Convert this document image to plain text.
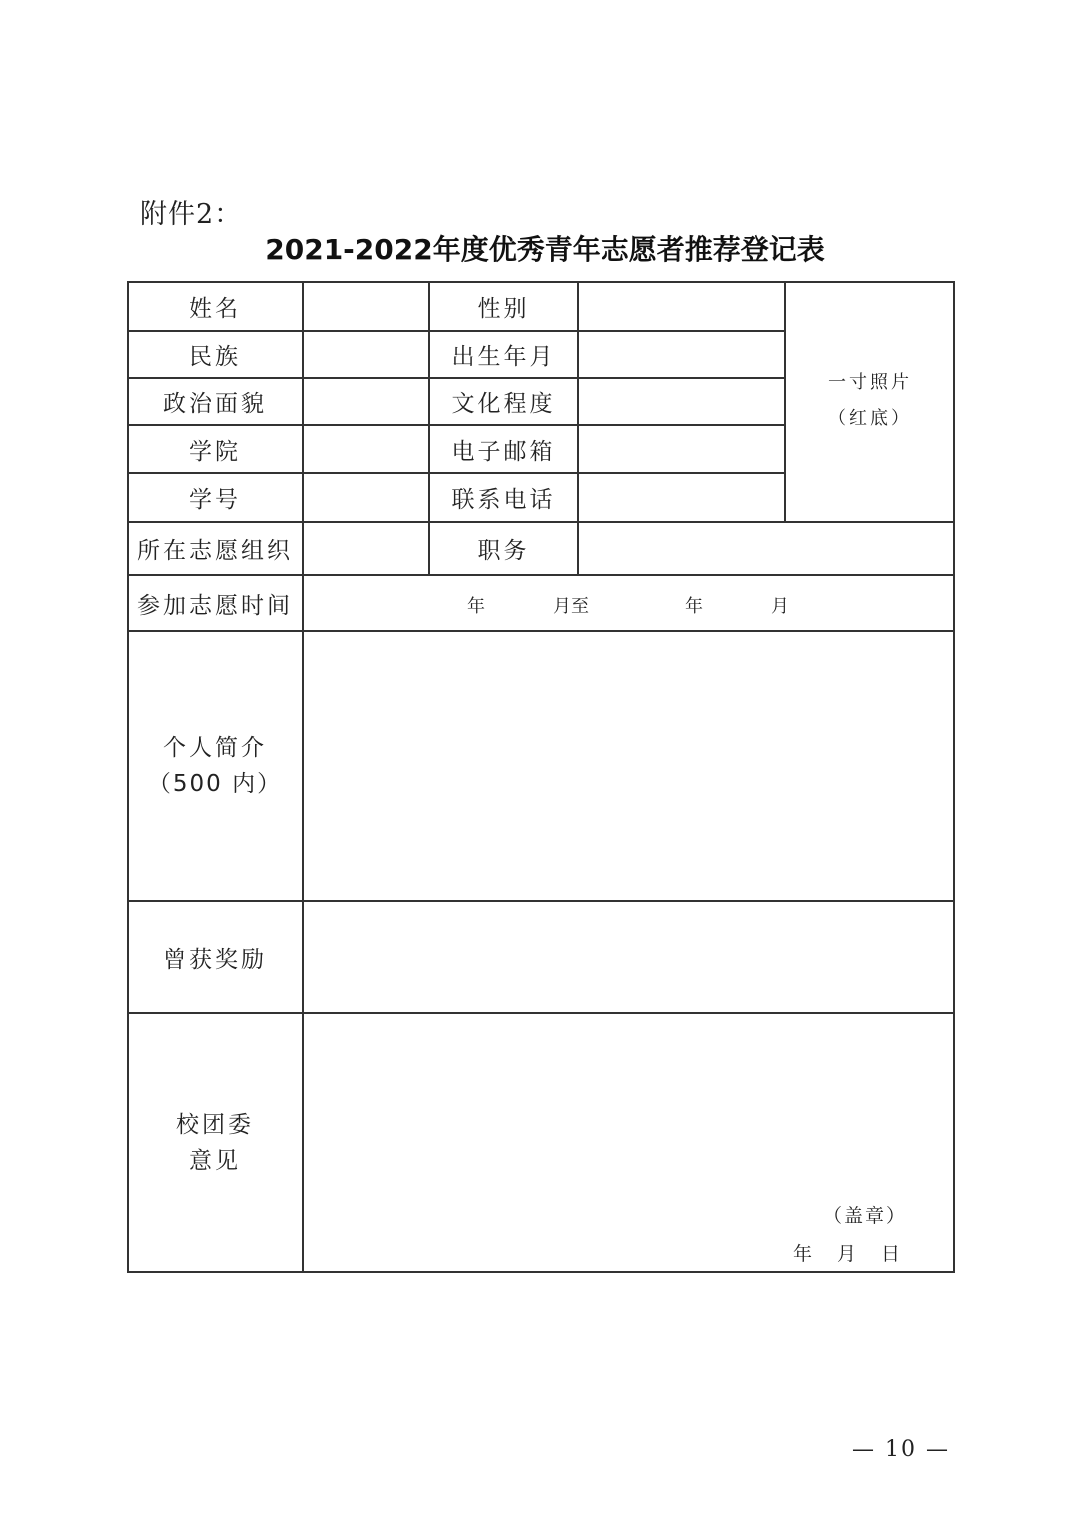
附件2：
2021-2022年度优秀青年志愿者推荐登记表
姓名	性别
民族	出生年月
政治面貌	文化程度
学院	电子邮箱
学号	联系电话
一寸照片
（红底）
所在志愿组织	职务
参加志愿时间	年	月至	年	月
个人简介
（500 内）
曾获奖励
校团委
意见
（盖章）
年 月 日
— 10 —
